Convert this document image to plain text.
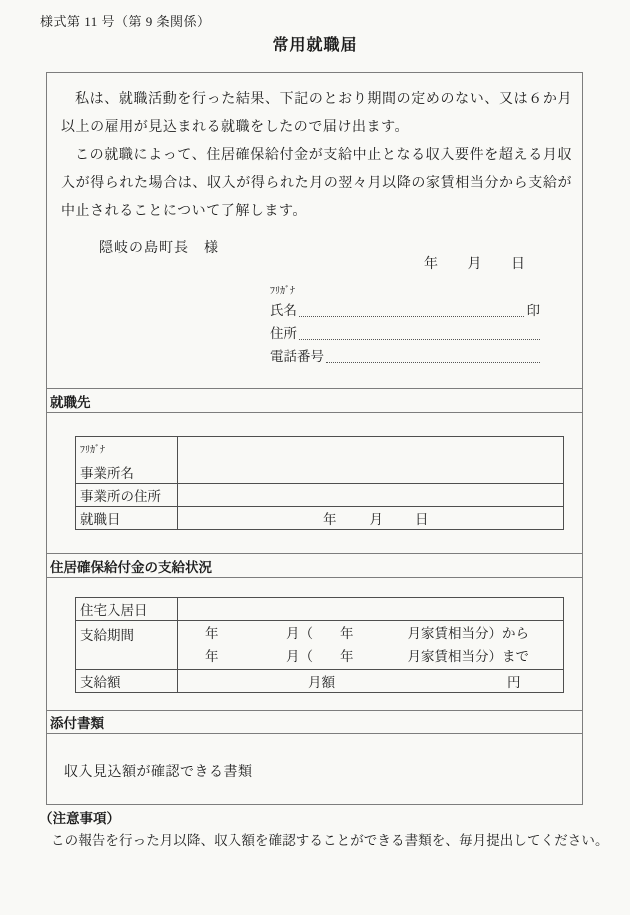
様式第 11 号（第 9 条関係）
常用就職届

私は、就職活動を行った結果、下記のとおり期間の定めのない、又は６か月以上の雇用が見込まれる就職をしたので届け出ます。

この就職によって、住居確保給付金が支給中止となる収入要件を超える月収入が得られた場合は、収入が得られた月の翌々月以降の家賃相当分から支給が中止されることについて了解します。

隠岐の島町長　様
年 月 日
ﾌﾘｶﾞﾅ
氏名	印
住所
電話番号
就職先
ﾌﾘｶﾞﾅ
事業所名
事業所の住所
就職日	年 月 日
住居確保給付金の支給状況
住宅入居日
支給期間	年　　　　　月（　　年　　　　月家賃相当分）から
年　　　　　月（　　年　　　　月家賃相当分）まで
支給額	月額	円
添付書類
収入見込額が確認できる書類
（注意事項）
この報告を行った月以降、収入額を確認することができる書類を、毎月提出してください。
